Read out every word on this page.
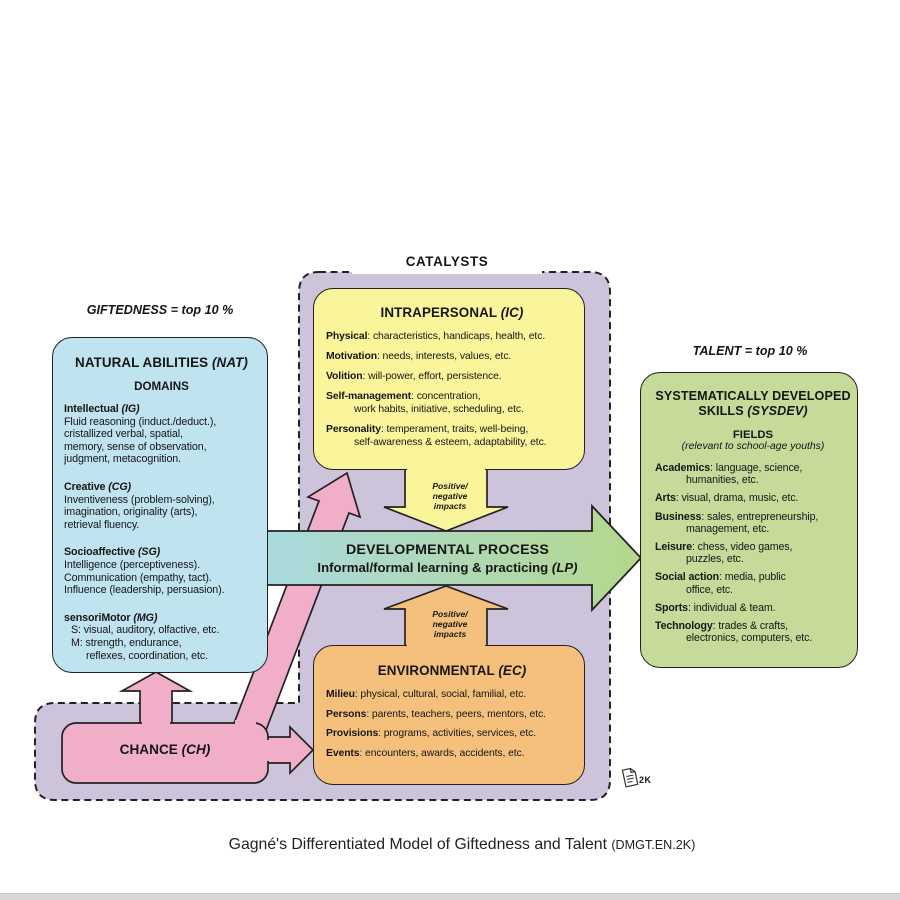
NATURAL ABILITIES (NAT)
DOMAINS
Intellectual (IG)
Fluid reasoning (induct./deduct.),
cristallized verbal, spatial,
memory, sense of observation,
judgment, metacognition.
Creative (CG)
Inventiveness (problem-solving),
imagination, originality (arts),
retrieval fluency.
Socioaffective (SG)
Intelligence (perceptiveness).
Communication (empathy, tact).
Influence (leadership, persuasion).
sensoriMotor (MG)
S: visual, auditory, olfactive, etc.
M: strength, endurance,
reflexes, coordination, etc.
INTRAPERSONAL (IC)
Physical: characteristics, handicaps, health, etc.
Motivation: needs, interests, values, etc.
Volition: will-power, effort, persistence.
Self-management: concentration,
work habits, initiative, scheduling, etc.
Personality: temperament, traits, well-being,
self-awareness & esteem, adaptability, etc.
ENVIRONMENTAL (EC)
Milieu: physical, cultural, social, familial, etc.
Persons: parents, teachers, peers, mentors, etc.
Provisions: programs, activities, services, etc.
Events: encounters, awards, accidents, etc.
SYSTEMATICALLY DEVELOPED
SKILLS (SYSDEV)
FIELDS
(relevant to school-age youths)
Academics: language, science,
humanities, etc.
Arts: visual, drama, music, etc.
Business: sales, entrepreneurship,
management, etc.
Leisure: chess, video games,
puzzles, etc.
Social action: media, public
office, etc.
Sports: individual & team.
Technology: trades & crafts,
electronics, computers, etc.
GIFTEDNESS = top 10 %
TALENT = top 10 %
CATALYSTS
CHANCE (CH)
DEVELOPMENTAL PROCESS
Informal/formal learning & practicing (LP)
Positive/
negative
impacts
Positive/
negative
impacts
2K
Gagné's Differentiated Model of Giftedness and Talent (DMGT.EN.2K)
